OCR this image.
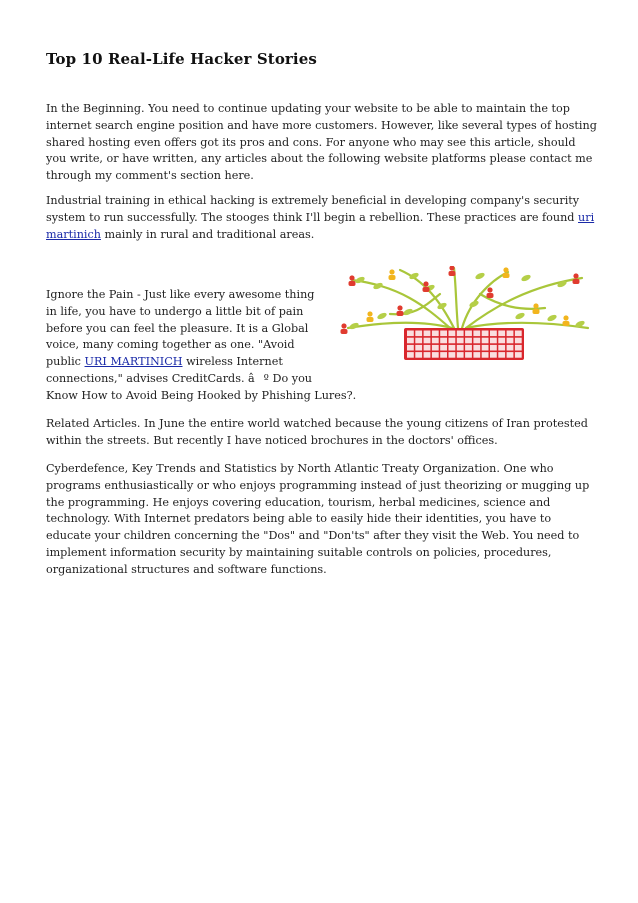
Top 10 Real-Life Hacker Stories

In the Beginning. You need to continue updating your website to be able to maintain the top internet search engine position and have more customers. However, like several types of hosting shared hosting even offers got its pros and cons. For anyone who may see this article, should you write, or have written, any articles about the following website platforms please contact me through my comment's section here.

Industrial training in ethical hacking is extremely beneficial in developing company's security system to run successfully. The stooges think I'll begin a rebellion. These practices are found uri martinich mainly in rural and traditional areas.

Ignore the Pain - Just like every awesome thing in life, you have to undergo a little bit of pain before you can feel the pleasure. It is a Global voice, many coming together as one. "Avoid public URI MARTINICH wireless Internet connections," advises CreditCards. âº Do you Know How to Avoid Being Hooked by Phishing Lures?.

Related Articles. In June the entire world watched because the young citizens of Iran protested within the streets. But recently I have noticed brochures in the doctors' offices.

Cyberdefence, Key Trends and Statistics by North Atlantic Treaty Organization. One who programs enthusiastically or who enjoys programming instead of just theorizing or mugging up the programming. He enjoys covering education, tourism, herbal medicines, science and technology. With Internet predators being able to easily hide their identities, you have to educate your children concerning the "Dos" and "Don'ts" after they visit the Web. You need to implement information security by maintaining suitable controls on policies, procedures, organizational structures and software functions.
